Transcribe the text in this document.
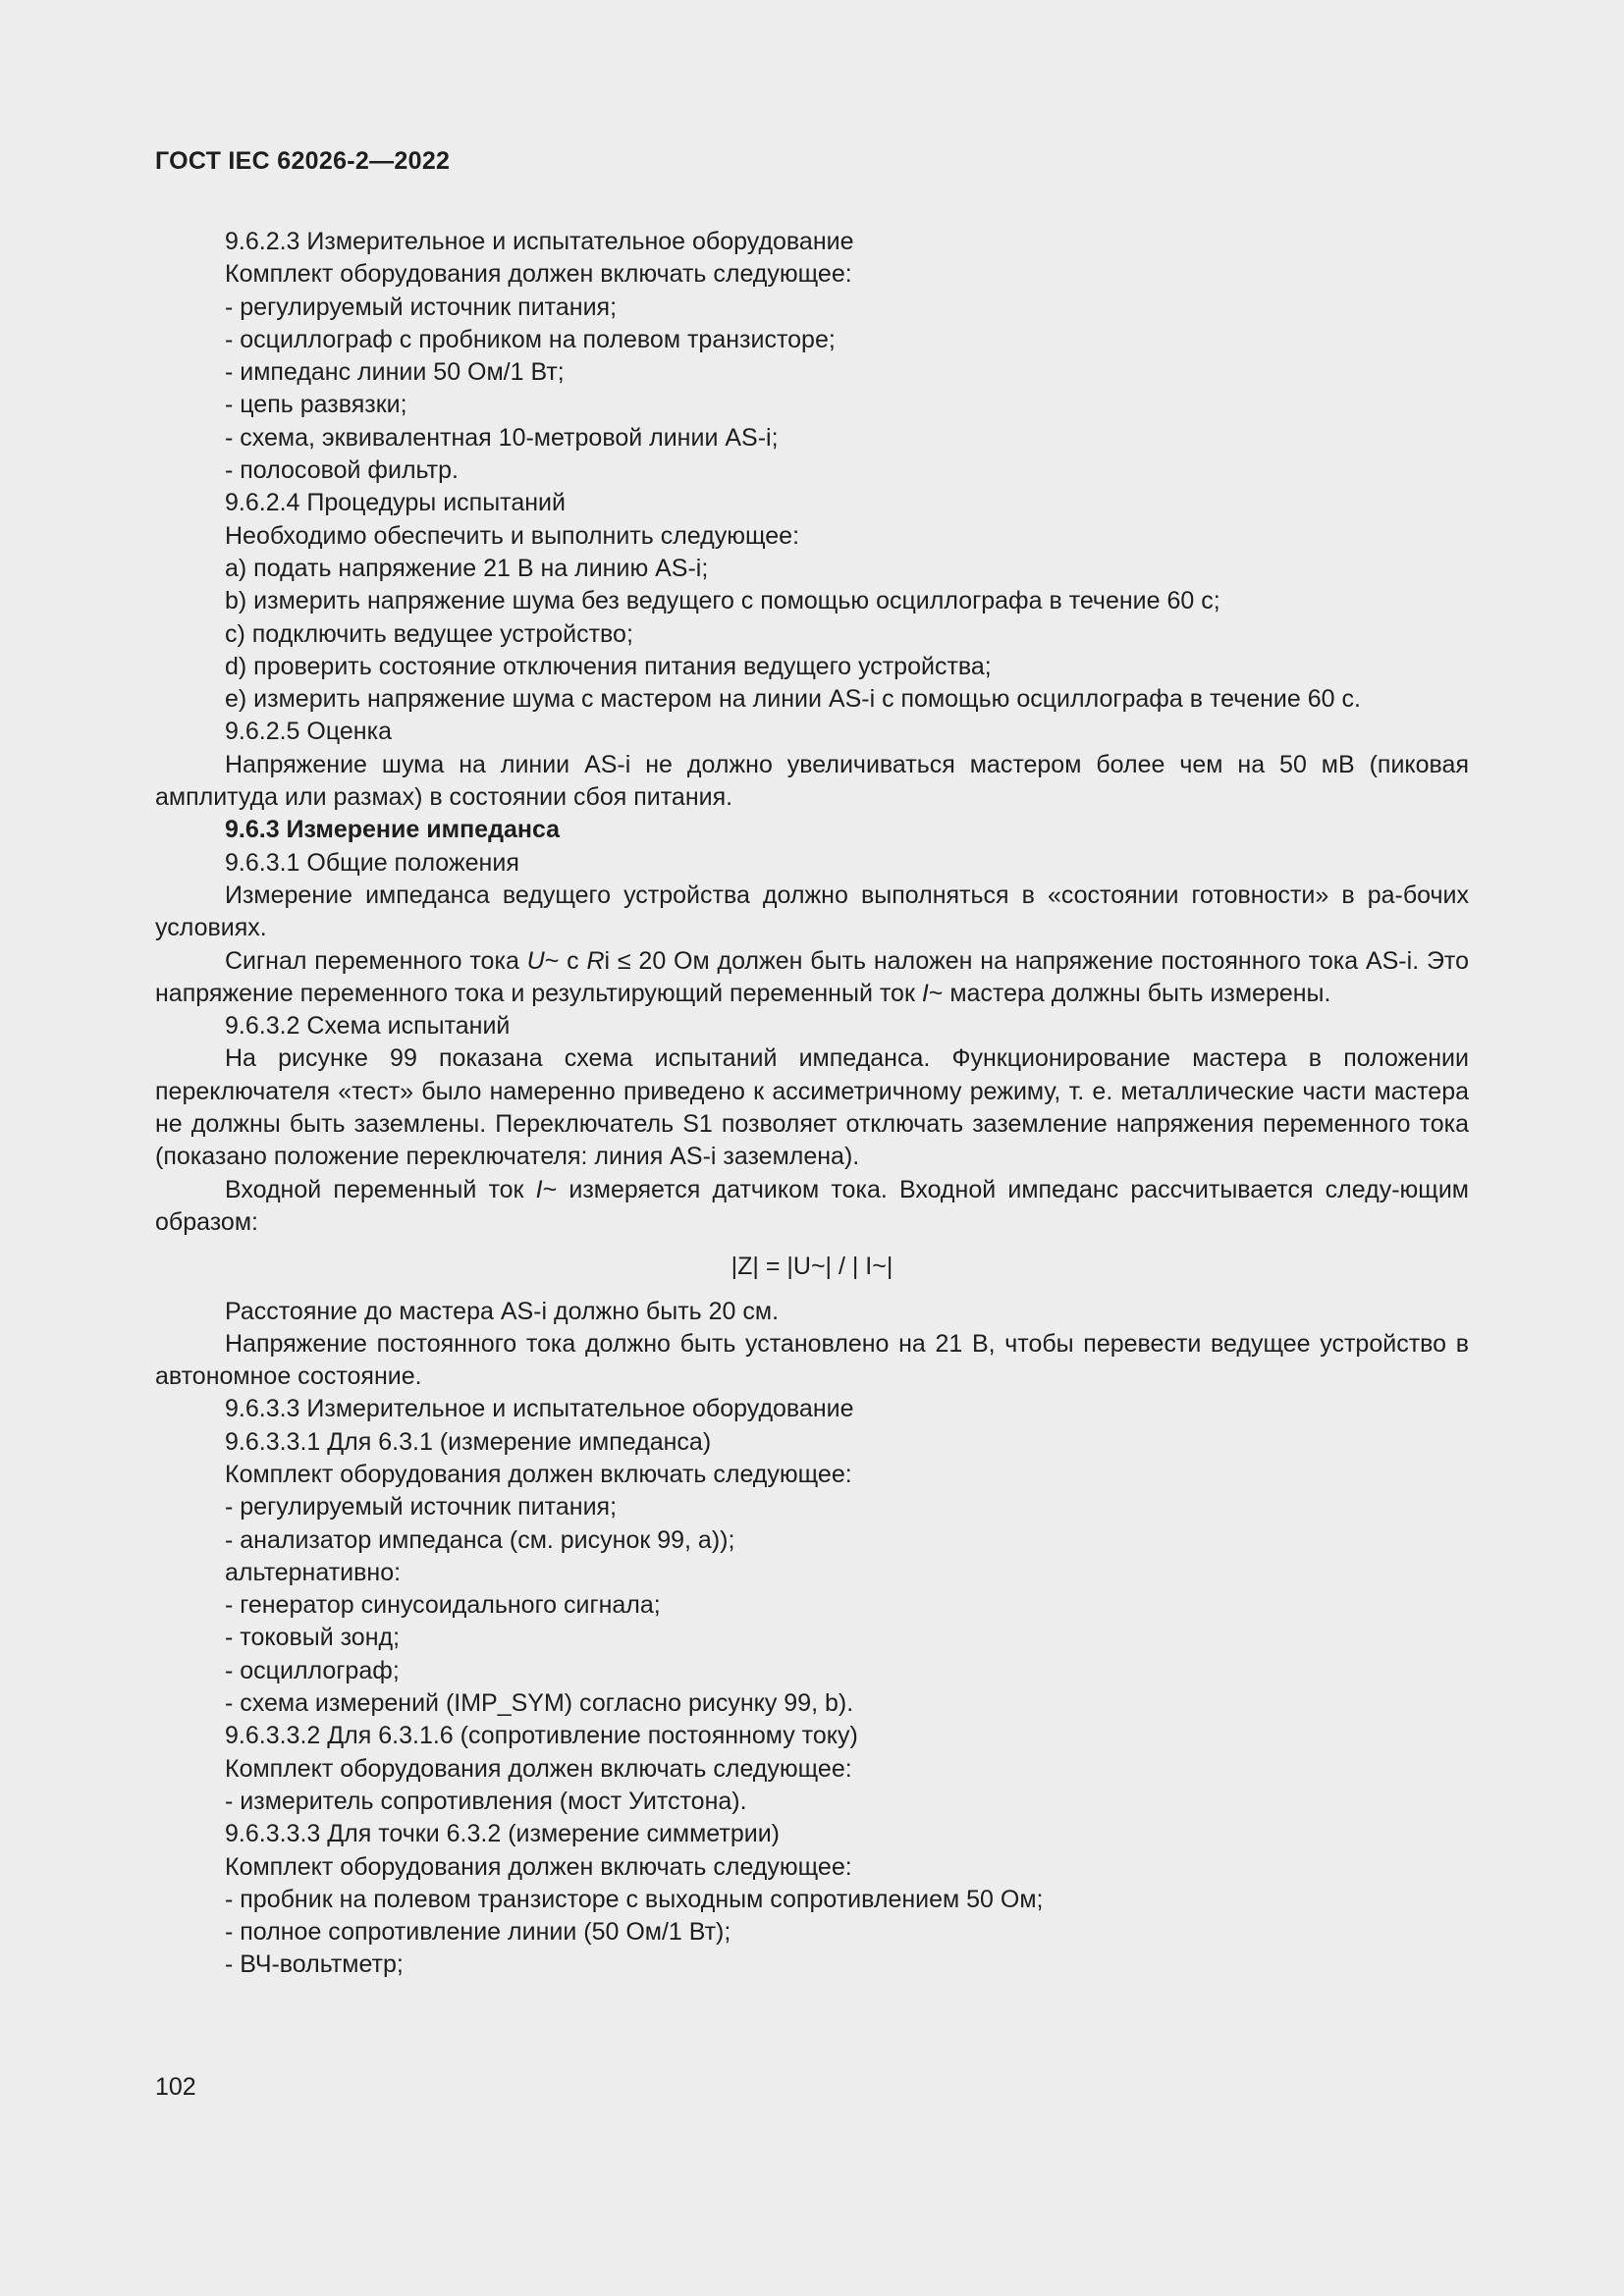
ГОСТ IEC 62026-2—2022

9.6.2.3 Измерительное и испытательное оборудование

Комплект оборудования должен включать следующее:

- регулируемый источник питания;

- осциллограф с пробником на полевом транзисторе;

- импеданс линии 50 Ом/1 Вт;

- цепь развязки;

- схема, эквивалентная 10-метровой линии AS-i;

- полосовой фильтр.

9.6.2.4 Процедуры испытаний

Необходимо обеспечить и выполнить следующее:

a) подать напряжение 21 В на линию AS-i;

b) измерить напряжение шума без ведущего с помощью осциллографа в течение 60 с;

c) подключить ведущее устройство;

d) проверить состояние отключения питания ведущего устройства;

e) измерить напряжение шума с мастером на линии AS-i с помощью осциллографа в течение 60 с.

9.6.2.5 Оценка

Напряжение шума на линии AS-i не должно увеличиваться мастером более чем на 50 мВ (пиковая амплитуда или размах) в состоянии сбоя питания.

9.6.3 Измерение импеданса

9.6.3.1 Общие положения

Измерение импеданса ведущего устройства должно выполняться в «состоянии готовности» в ра-бочих условиях.

Сигнал переменного тока U~ с Ri ≤ 20 Ом должен быть наложен на напряжение постоянного тока AS-i. Это напряжение переменного тока и результирующий переменный ток I~ мастера должны быть измерены.

9.6.3.2 Схема испытаний

На рисунке 99 показана схема испытаний импеданса. Функционирование мастера в положении переключателя «тест» было намеренно приведено к ассиметричному режиму, т. е. металлические части мастера не должны быть заземлены. Переключатель S1 позволяет отключать заземление напряжения переменного тока (показано положение переключателя: линия AS-i заземлена).

Входной переменный ток I~ измеряется датчиком тока. Входной импеданс рассчитывается следу-ющим образом:

|Z| = |U~| / | I~|

Расстояние до мастера AS-i должно быть 20 см.

Напряжение постоянного тока должно быть установлено на 21 В, чтобы перевести ведущее устройство в автономное состояние.

9.6.3.3 Измерительное и испытательное оборудование

9.6.3.3.1 Для 6.3.1 (измерение импеданса)

Комплект оборудования должен включать следующее:

- регулируемый источник питания;

- анализатор импеданса (см. рисунок 99, а));

альтернативно:

- генератор синусоидального сигнала;

- токовый зонд;

- осциллограф;

- схема измерений (IMP_SYM) согласно рисунку 99, b).

9.6.3.3.2 Для 6.3.1.6 (сопротивление постоянному току)

Комплект оборудования должен включать следующее:

- измеритель сопротивления (мост Уитстона).

9.6.3.3.3 Для точки 6.3.2 (измерение симметрии)

Комплект оборудования должен включать следующее:

- пробник на полевом транзисторе с выходным сопротивлением 50 Ом;

- полное сопротивление линии (50 Ом/1 Вт);

- ВЧ-вольтметр;

102
